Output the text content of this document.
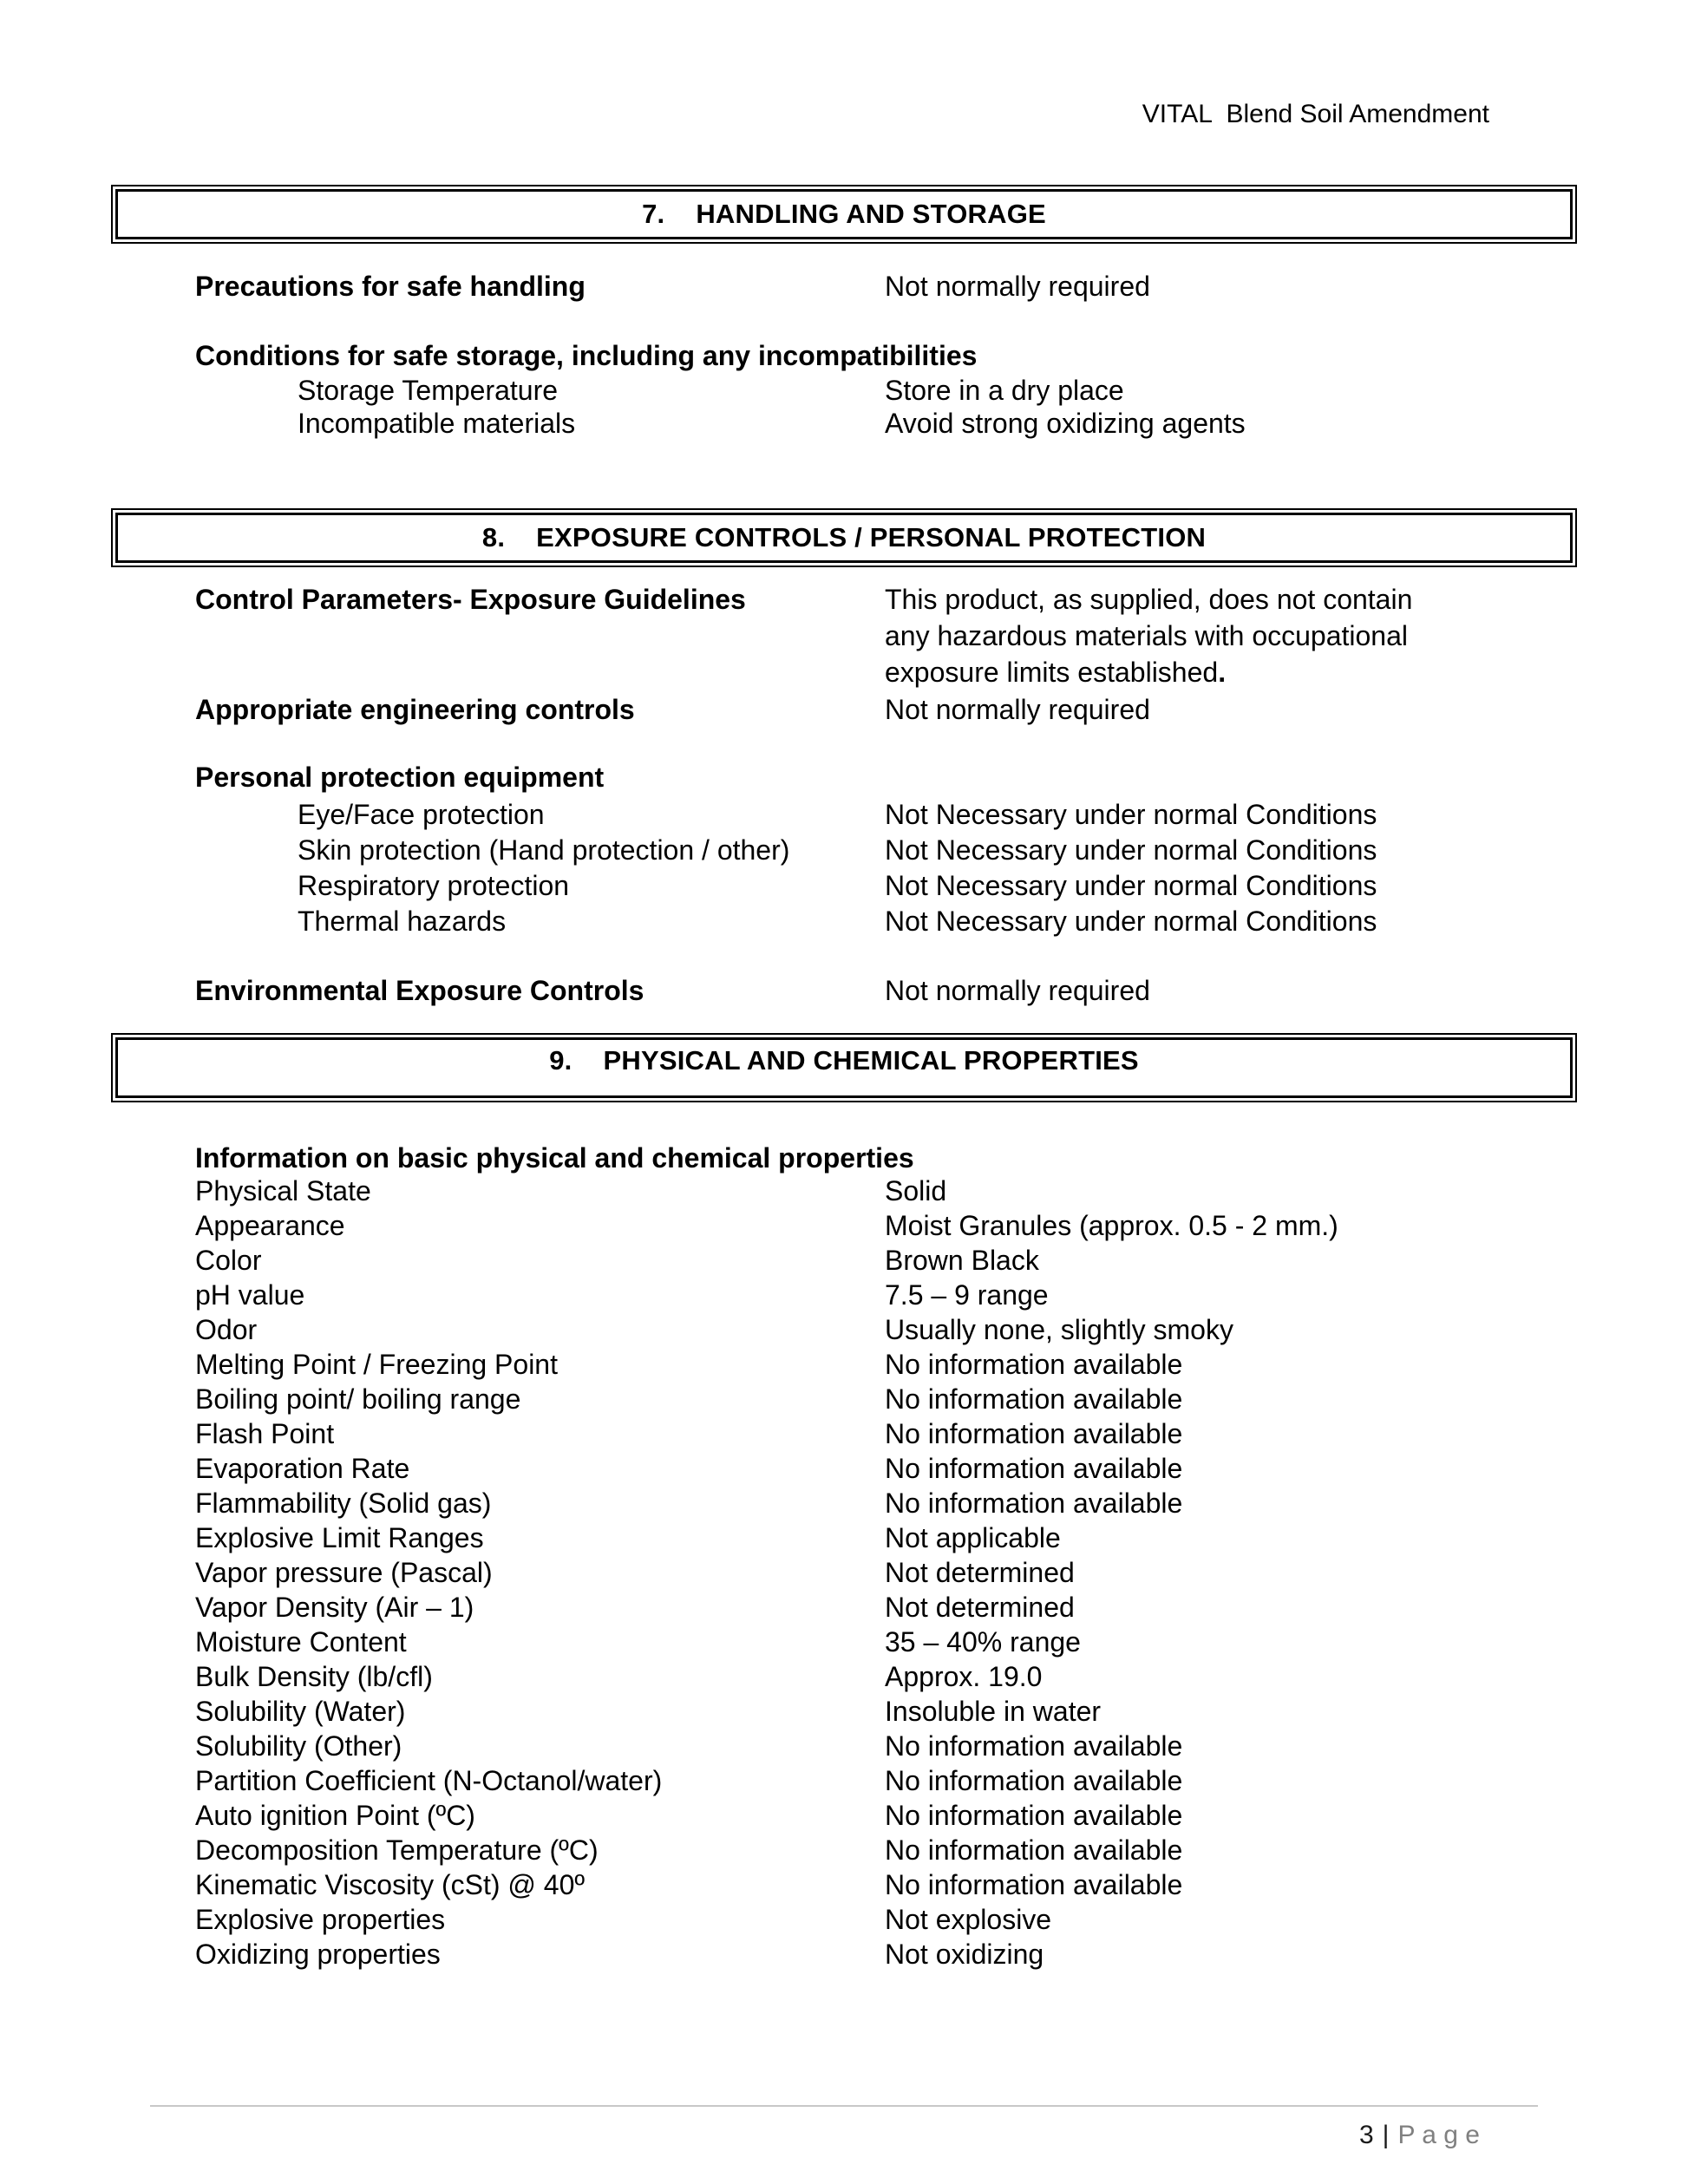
VITAL  Blend Soil Amendment
7. HANDLING AND STORAGE
Precautions for safe handling	Not normally required
Conditions for safe storage, including any incompatibilities
Storage Temperature	Store in a dry place
Incompatible materials	Avoid strong oxidizing agents
8. EXPOSURE CONTROLS / PERSONAL PROTECTION
Control Parameters- Exposure Guidelines	This product, as supplied, does not contain
any hazardous materials with occupational
exposure limits established.
Appropriate engineering controls	Not normally required
Personal protection equipment
Eye/Face protection	Not Necessary under normal Conditions
Skin protection (Hand protection / other)	Not Necessary under normal Conditions
Respiratory protection	Not Necessary under normal Conditions
Thermal hazards	Not Necessary under normal Conditions
Environmental Exposure Controls	Not normally required
9. PHYSICAL AND CHEMICAL PROPERTIES
Information on basic physical and chemical properties
Physical State	Solid
Appearance	Moist Granules (approx. 0.5 - 2 mm.)
Color	Brown Black
pH value	7.5 – 9 range
Odor	Usually none, slightly smoky
Melting Point / Freezing Point	No information available
Boiling point/ boiling range	No information available
Flash Point	No information available
Evaporation Rate	No information available
Flammability (Solid gas)	No information available
Explosive Limit Ranges	Not applicable
Vapor pressure (Pascal)	Not determined
Vapor Density (Air – 1)	Not determined
Moisture Content	35 – 40% range
Bulk Density (lb/cfl)	Approx. 19.0
Solubility (Water)	Insoluble in water
Solubility (Other)	No information available
Partition Coefficient (N-Octanol/water)	No information available
Auto ignition Point (ºC)	No information available
Decomposition Temperature (ºC)	No information available
Kinematic Viscosity (cSt) @ 40º	No information available
Explosive properties	Not explosive
Oxidizing properties	Not oxidizing
3 | P a g e
